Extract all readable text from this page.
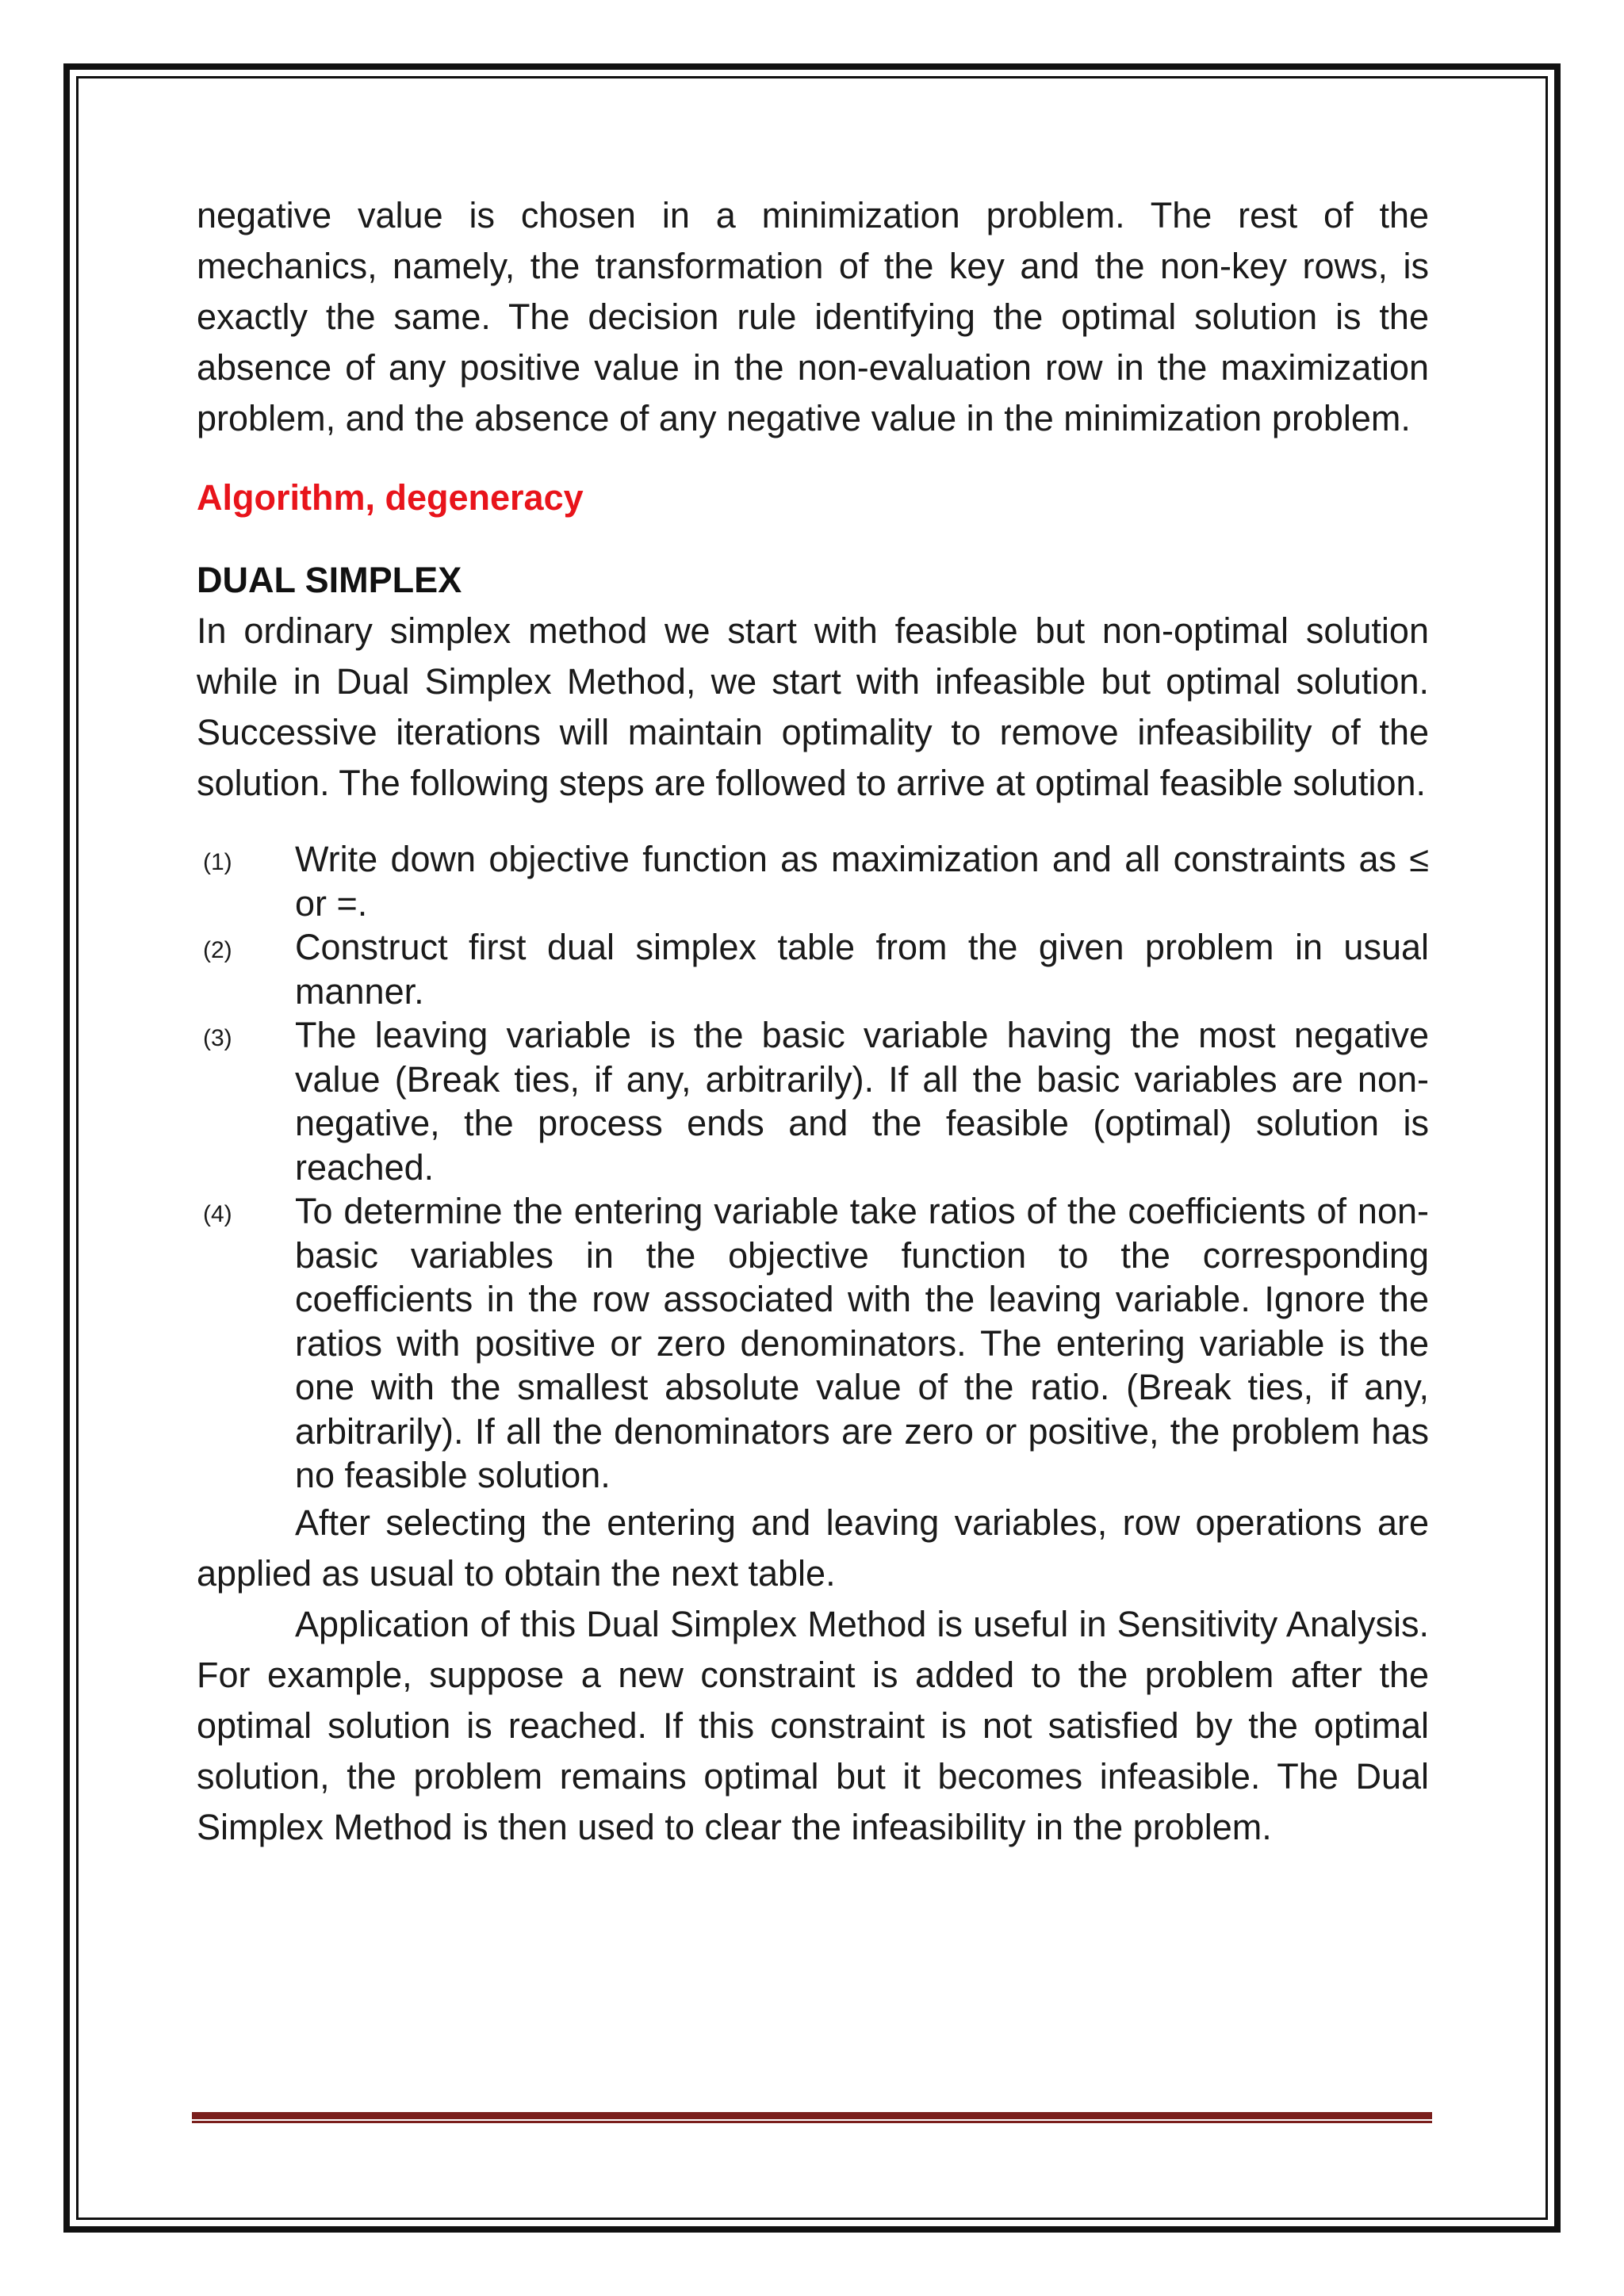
negative value is chosen in a minimization problem. The rest of the mechanics, namely, the transformation of the key and the non-key rows, is exactly the same. The decision rule identifying the optimal solution is the absence of any positive value in the non-evaluation row in the maximization problem, and the absence of any negative value in the minimization problem.

Algorithm, degeneracy
DUAL SIMPLEX

In ordinary simplex method we start with feasible but non-optimal solution while in Dual Simplex Method, we start with infeasible but optimal solution. Successive iterations will maintain optimality to remove infeasibility of the solution. The following steps are followed to arrive at optimal feasible solution.

(1) Write down objective function as maximization and all constraints as ≤ or =.
(2) Construct first dual simplex table from the given problem in usual manner.
(3) The leaving variable is the basic variable having the most negative value (Break ties, if any, arbitrarily). If all the basic variables are non-negative, the process ends and the feasible (optimal) solution is reached.
(4) To determine the entering variable take ratios of the coefficients of non-basic variables in the objective function to the corresponding coefficients in the row associated with the leaving variable. Ignore the ratios with positive or zero denominators. The entering variable is the one with the smallest absolute value of the ratio. (Break ties, if any, arbitrarily). If all the denominators are zero or positive, the problem has no feasible solution.

After selecting the entering and leaving variables, row operations are applied as usual to obtain the next table.

Application of this Dual Simplex Method is useful in Sensitivity Analysis. For example, suppose a new constraint is added to the problem after the optimal solution is reached. If this constraint is not satisfied by the optimal solution, the problem remains optimal but it becomes infeasible. The Dual Simplex Method is then used to clear the infeasibility in the problem.
